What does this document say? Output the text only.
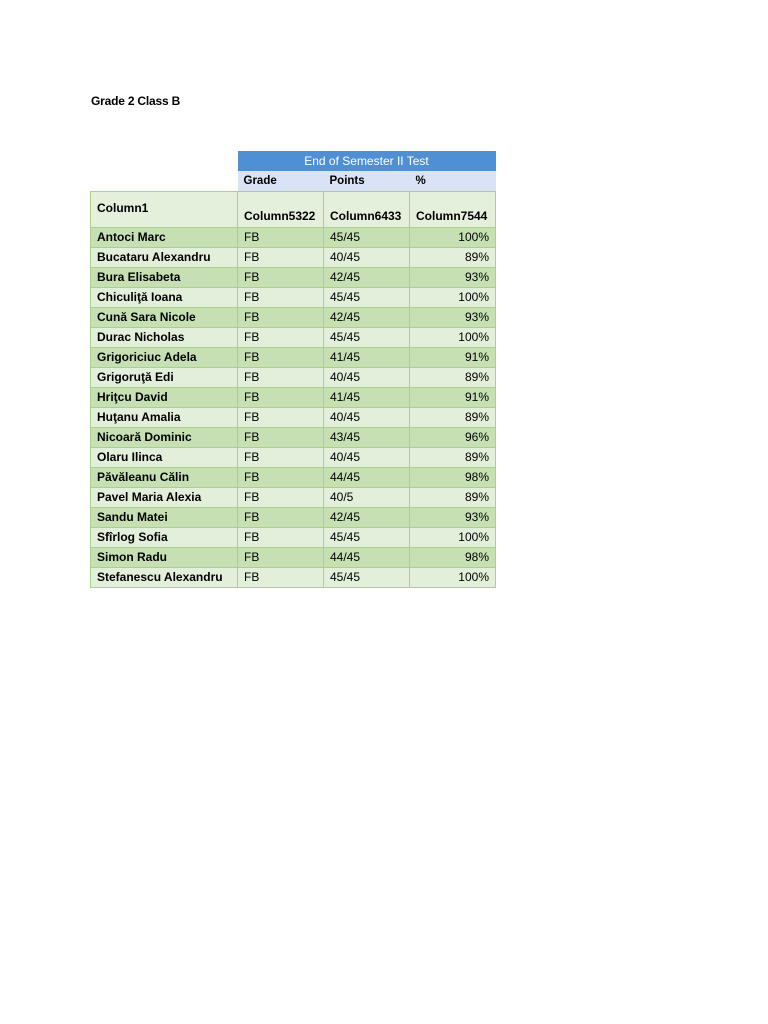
Grade 2 Class B
	End of Semester II Test		
	Grade	Points	%
Column1	Column5322	Column6433	Column7544
Antoci Marc	FB	45/45	100%
Bucataru Alexandru	FB	40/45	89%
Bura Elisabeta	FB	42/45	93%
Chiculiţă Ioana	FB	45/45	100%
Cună Sara Nicole	FB	42/45	93%
Durac Nicholas	FB	45/45	100%
Grigoriciuc Adela	FB	41/45	91%
Grigoruţă Edi	FB	40/45	89%
Hriţcu David	FB	41/45	91%
Huţanu Amalia	FB	40/45	89%
Nicoară Dominic	FB	43/45	96%
Olaru Ilinca	FB	40/45	89%
Păvăleanu Călin	FB	44/45	98%
Pavel Maria Alexia	FB	40/5	89%
Sandu Matei	FB	42/45	93%
Sfîrlog Sofia	FB	45/45	100%
Simon Radu	FB	44/45	98%
Stefanescu Alexandru	FB	45/45	100%
